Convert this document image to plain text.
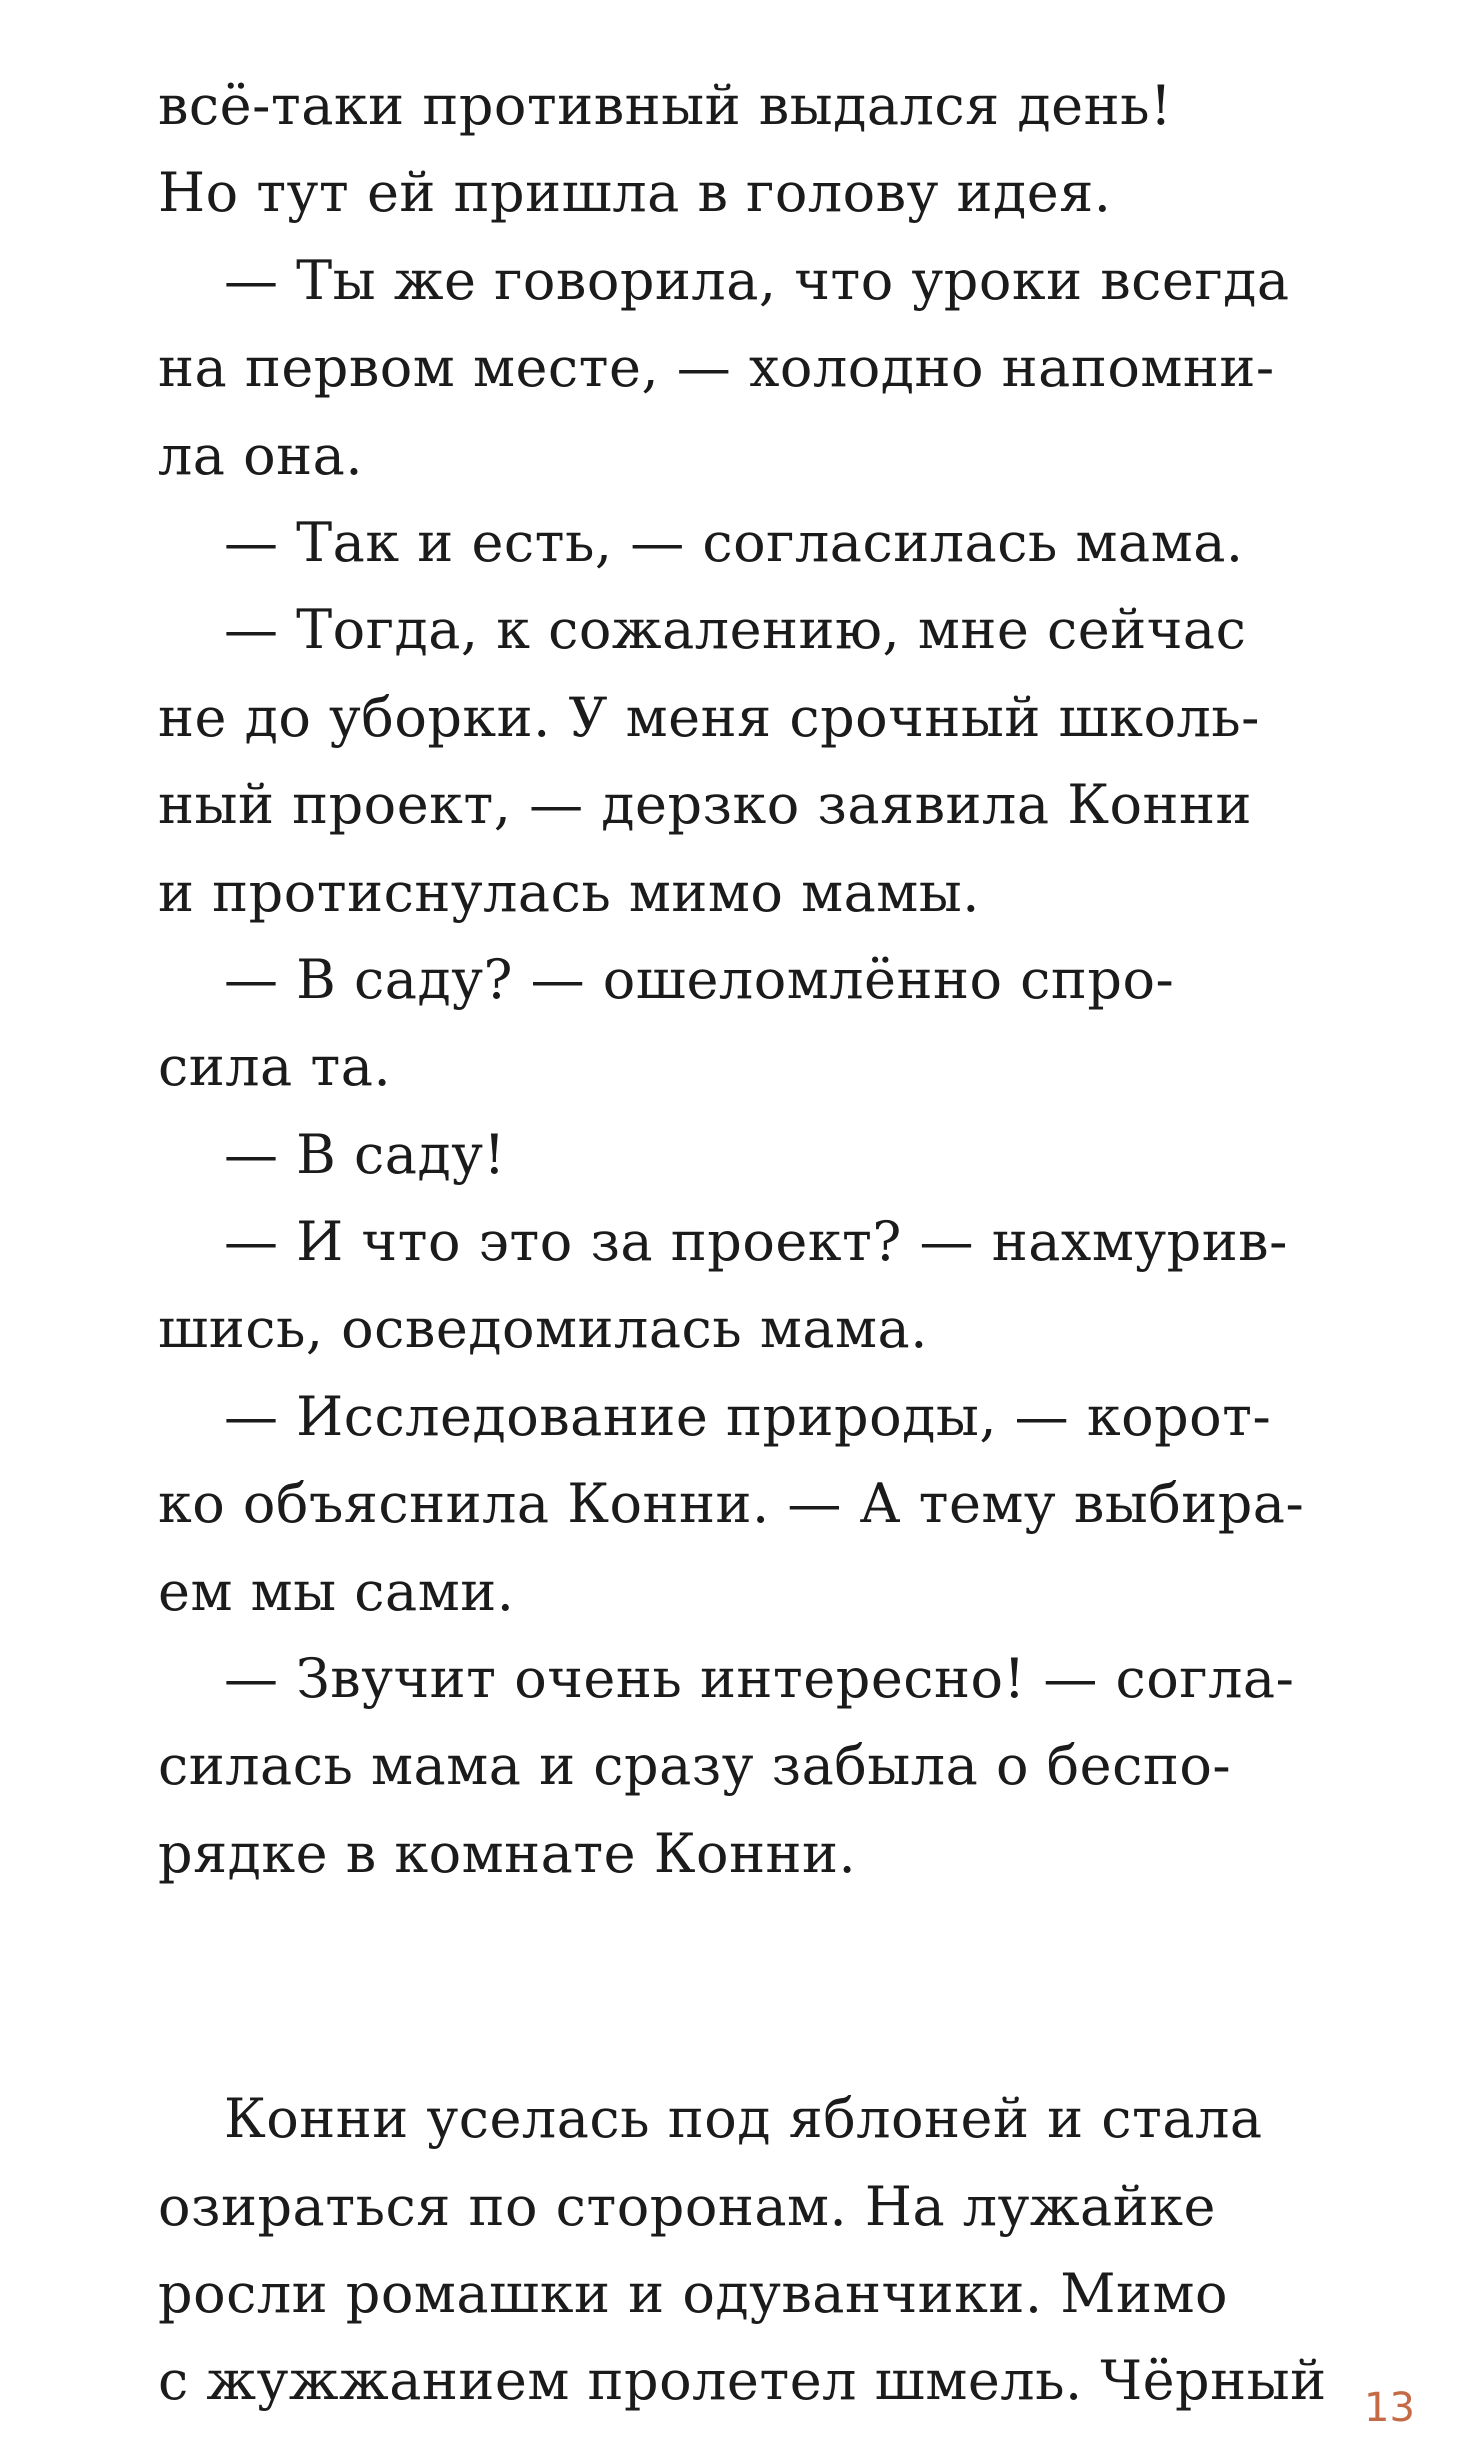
всё-таки противный выдался день!
Но тут ей пришла в голову идея.
— Ты же говорила, что уроки всегда
на первом месте, — холодно напомни-
ла она.
— Так и есть, — согласилась мама.
— Тогда, к сожалению, мне сейчас
не до уборки. У меня срочный школь-
ный проект, — дерзко заявила Конни
и протиснулась мимо мамы.
— В саду? — ошеломлённо спро-
сила та.
— В саду!
— И что это за проект? — нахмурив-
шись, осведомилась мама.
— Исследование природы, — корот-
ко объяснила Конни. — А тему выбира-
ем мы сами.
— Звучит очень интересно! — согла-
силась мама и сразу забыла о беспо-
рядке в комнате Конни.
Конни уселась под яблоней и стала
озираться по сторонам. На лужайке
росли ромашки и одуванчики. Мимо
с жужжанием пролетел шмель. Чёрный 13
